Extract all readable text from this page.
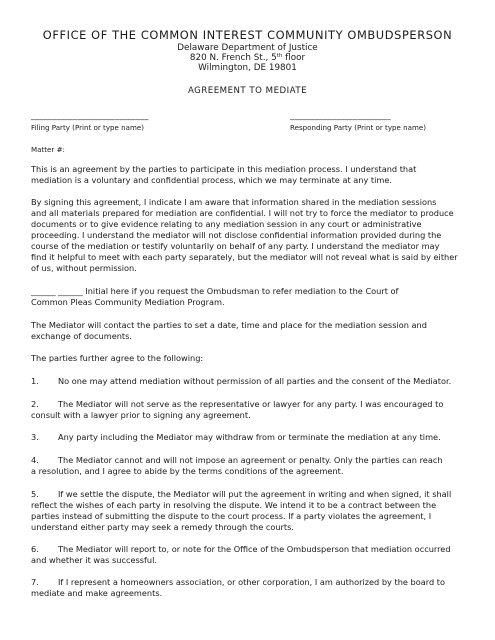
OFFICE OF THE COMMON INTEREST COMMUNITY OMBUDSPERSON
Delaware Department of Justice
820 N. French St., 5th floor
Wilmington, DE 19801
AGREEMENT TO MEDIATE
____________________________
Filing Party (Print or type name)
________________________
Responding Party (Print or type name)
Matter #:
This is an agreement by the parties to participate in this mediation process. I understand that
mediation is a voluntary and confidential process, which we may terminate at any time.
By signing this agreement, I indicate I am aware that information shared in the mediation sessions
and all materials prepared for mediation are confidential. I will not try to force the mediator to produce
documents or to give evidence relating to any mediation session in any court or administrative
proceeding. I understand the mediator will not disclose confidential information provided during the
course of the mediation or testify voluntarily on behalf of any party. I understand the mediator may
find it helpful to meet with each party separately, but the mediator will not reveal what is said by either
of us, without permission.
______ ______ Initial here if you request the Ombudsman to refer mediation to the Court of
Common Pleas Community Mediation Program.
The Mediator will contact the parties to set a date, time and place for the mediation session and
exchange of documents.
The parties further agree to the following:
1. No one may attend mediation without permission of all parties and the consent of the Mediator.
2. The Mediator will not serve as the representative or lawyer for any party. I was encouraged to
consult with a lawyer prior to signing any agreement.
3. Any party including the Mediator may withdraw from or terminate the mediation at any time.
4. The Mediator cannot and will not impose an agreement or penalty. Only the parties can reach
a resolution, and I agree to abide by the terms conditions of the agreement.
5. If we settle the dispute, the Mediator will put the agreement in writing and when signed, it shall
reflect the wishes of each party in resolving the dispute. We intend it to be a contract between the
parties instead of submitting the dispute to the court process. If a party violates the agreement, I
understand either party may seek a remedy through the courts.
6. The Mediator will report to, or note for the Office of the Ombudsperson that mediation occurred
and whether it was successful.
7. If I represent a homeowners association, or other corporation, I am authorized by the board to
mediate and make agreements.
